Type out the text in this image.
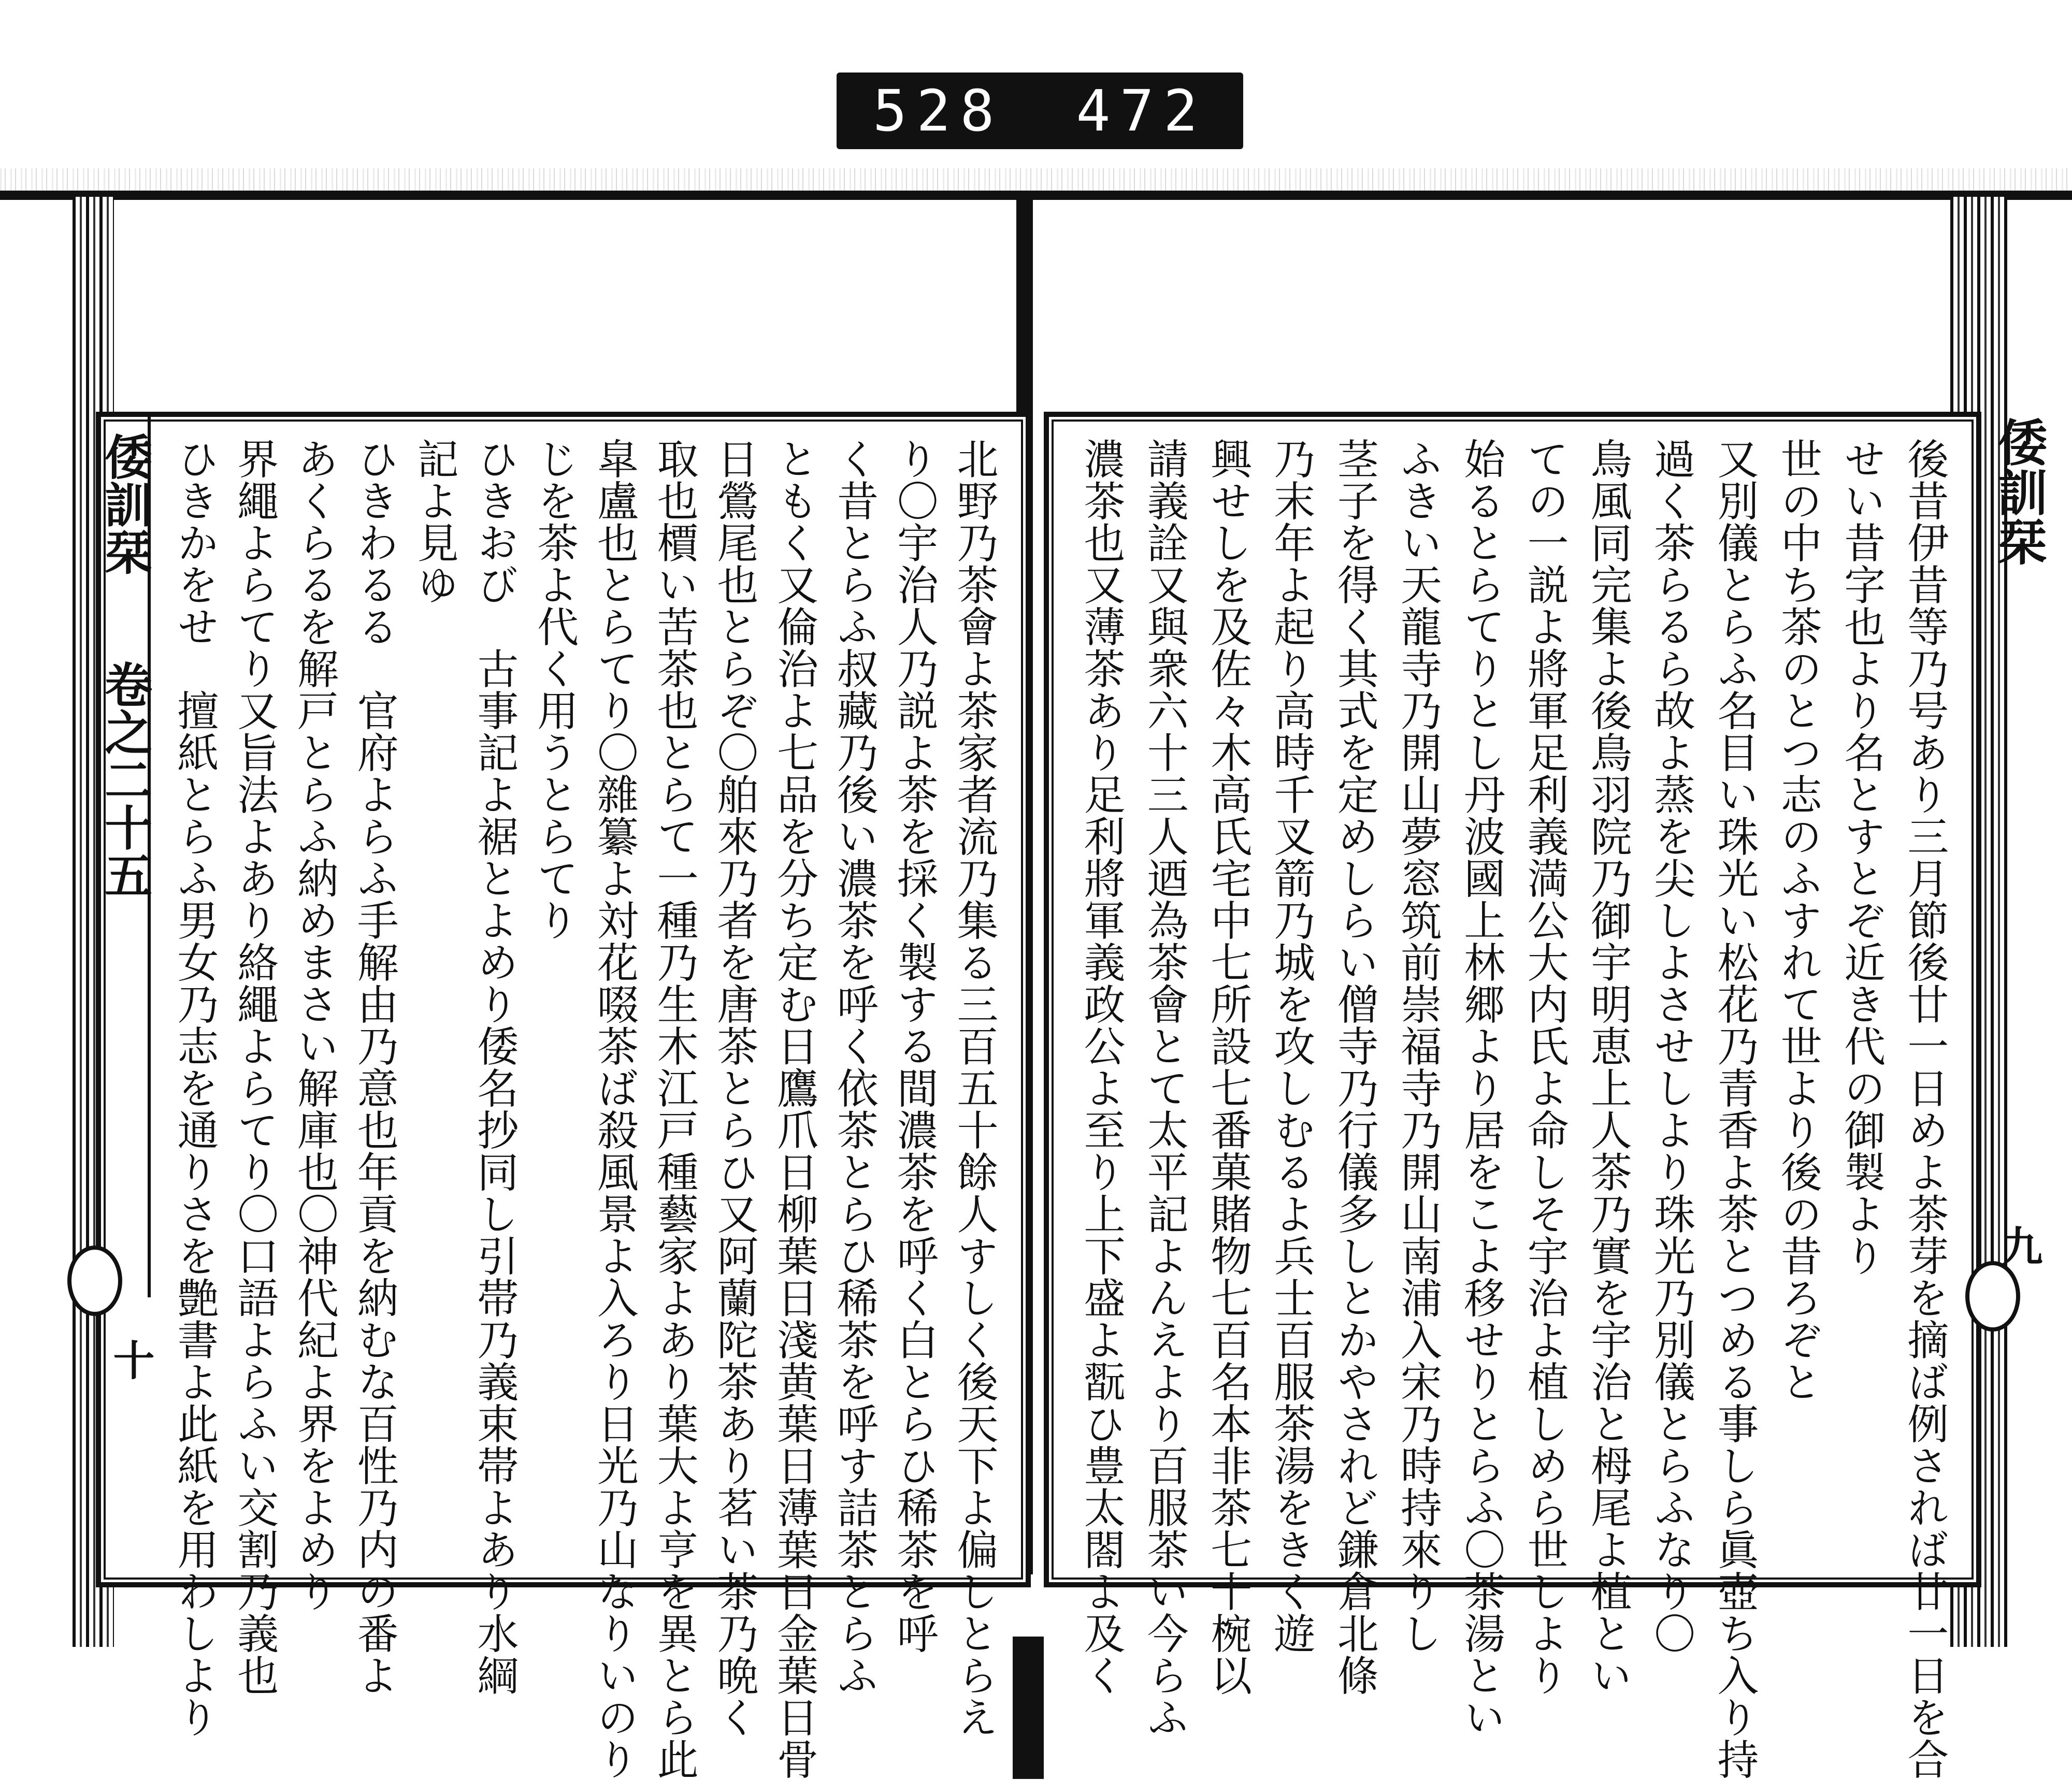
528 472
倭訓栞
九
後昔伊昔等乃号あり三月節後廿一日めよ茶芽を摘ば例されば廿一日を合
せい昔字也より名とすとぞ近き代の御製より
世の中ち茶のとつ志のふすれて世より後の昔ろぞと
又別儀とらふ名目い珠光い松花乃青香よ茶とつめる事しら眞壺ち入り持
過く茶らるら故よ蒸を尖しよさせしより珠光乃別儀とらふなり〇
鳥風同完集よ後鳥羽院乃御宇明恵上人茶乃實を宇治と栂尾よ植とい
ての一説よ將軍足利義満公大内氏よ命しそ宇治よ植しめら世しより
始るとらてりとし丹波國上林郷より居をこよ移せりとらふ〇茶湯とい
ふきい天龍寺乃開山夢窓筑前崇福寺乃開山南浦入宋乃時持來りし
茎子を得く其式を定めしらい僧寺乃行儀多しとかやされど鎌倉北條
乃末年よ起り高時千叉箭乃城を攻しむるよ兵士百服茶湯をきく遊
興せしを及佐々木高氏宅中七所設七番菓賭物七百名本非茶七十椀以
請義詮又與衆六十三人迺為茶會とて太平記よんえより百服茶い今らふ
濃茶也又薄茶あり足利將軍義政公よ至り上下盛よ翫ひ豊太閤よ及く
倭訓栞
卷之二十五
十	北野乃茶會よ茶家者流乃集る三百五十餘人すしく後天下よ偏しとらえ
り〇宇治人乃説よ茶を採く製する間濃茶を呼く白とらひ稀茶を呼
く昔とらふ叔藏乃後い濃茶を呼く依茶とらひ稀茶を呼す詰茶とらふ
ともく又倫治よ七品を分ち定む日鷹爪日柳葉日淺黄葉日薄葉日金葉日骨
日鶯尾也とらぞ〇舶來乃者を唐茶とらひ又阿蘭陀茶あり茗い茶乃晩く
取也檟い苦茶也とらて一種乃生木江戸種藝家よあり葉大よ亨を異とら此
皐盧也とらてり〇雜纂よ対花啜茶ば殺風景よ入ろり日光乃山なりいのり
じを茶よ代く用うとらてり
ひきおび　古事記よ裾とよめり倭名抄同し引帯乃義束帯よあり水綱
記よ見ゆ
ひきわるる　官府よらふ手解由乃意也年貢を納むな百性乃内の番よ
あくらるを解戸とらふ納めまさい解庫也〇神代紀よ界をよめり
界繩よらてり又旨法よあり絡繩よらてり〇口語よらふい交割乃義也
ひきかをせ　擅紙とらふ男女乃志を通りさを艶書よ此紙を用わしより
